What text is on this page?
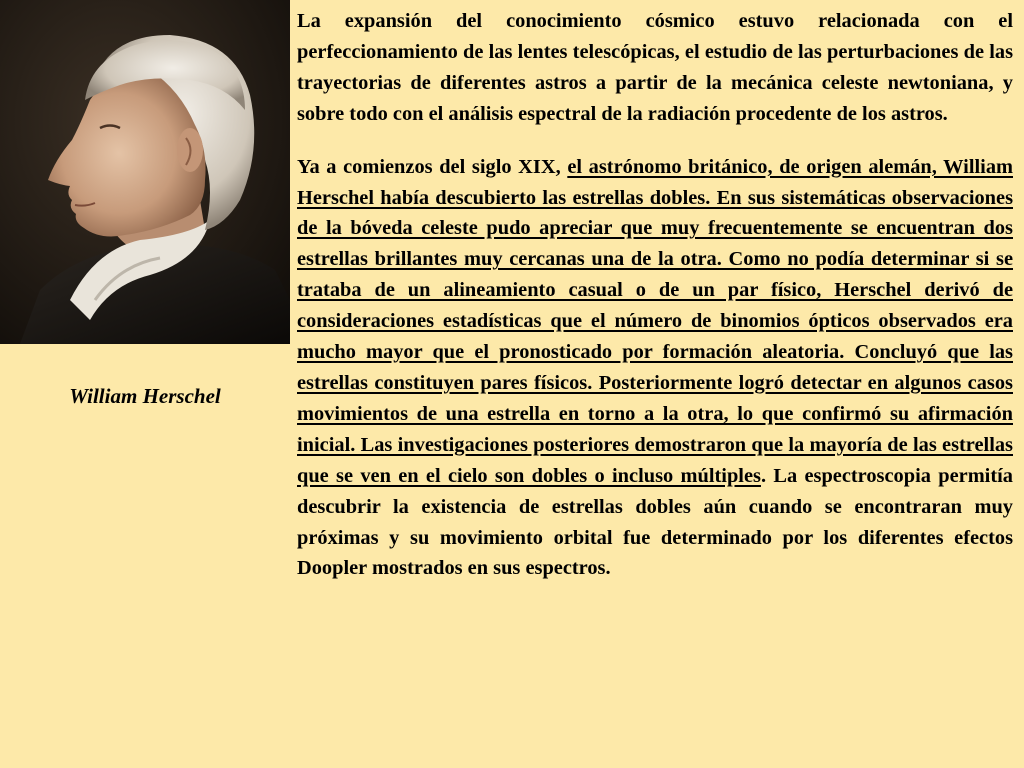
William Herschel

La expansión del conocimiento cósmico estuvo relacionada con el perfeccionamiento de las lentes telescópicas, el estudio de las perturbaciones de las trayectorias de diferentes astros a partir de la mecánica celeste newtoniana, y sobre todo con el análisis espectral de la radiación procedente de los astros.

Ya a comienzos del siglo XIX, el astrónomo británico, de origen alemán, William Herschel había descubierto las estrellas dobles. En sus sistemáticas observaciones de la bóveda celeste pudo apreciar que muy frecuentemente se encuentran dos estrellas brillantes muy cercanas una de la otra. Como no podía determinar si se trataba de un alineamiento casual o de un par físico, Herschel derivó de consideraciones estadísticas que el número de binomios ópticos observados era mucho mayor que el pronosticado por formación aleatoria. Concluyó que las estrellas constituyen pares físicos. Posteriormente logró detectar en algunos casos movimientos de una estrella en torno a la otra, lo que confirmó su afirmación inicial. Las investigaciones posteriores demostraron que la mayoría de las estrellas que se ven en el cielo son dobles o incluso múltiples. La espectroscopia permitía descubrir la existencia de estrellas dobles aún cuando se encontraran muy próximas y su movimiento orbital fue determinado por los diferentes efectos Doopler mostrados en sus espectros.
